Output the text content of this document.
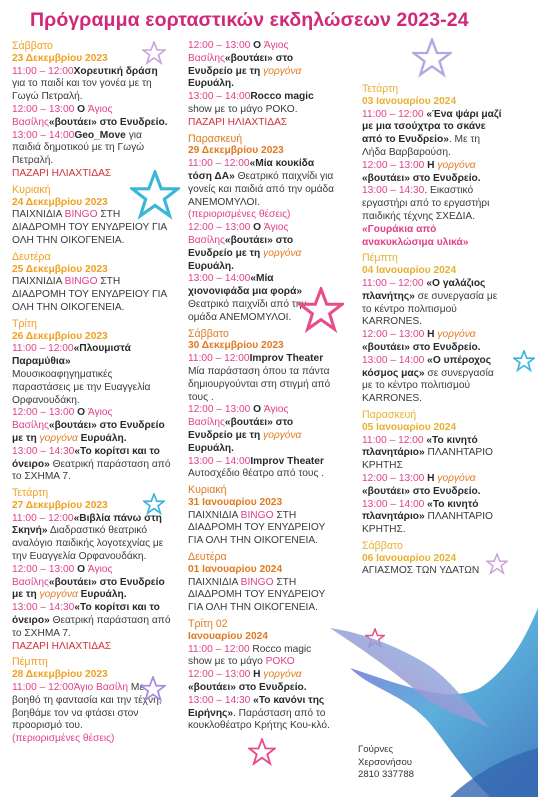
Πρόγραμμα εορταστικών εκδηλώσεων 2023-24
Σάββατο
23 Δεκεμβρίου 2023
11:00 – 12:00Χορευτική δράση για το παιδί και τον γονέα με τη Γωγώ Πετραλή.
12:00 – 13:00 Ο Άγιος Βασίλης«βουτάει» στο Ενυδρείο.
13:00 – 14:00Geo_Move για παιδιά δημοτικού με τη Γωγώ Πετραλή.
ΠΑΖΑΡΙ ΗΛΙΑΧΤΙΔΑΣ
Κυριακή
24 Δεκεμβρίου 2023
ΠΑΙΧΝΙΔΙΑ BINGO ΣΤΗ ΔΙΑΔΡΟΜΗ ΤΟΥ ΕΝΥΔΡΕΙΟΥ ΓΙΑ ΟΛΗ ΤΗΝ ΟΙΚΟΓΕΝΕΙΑ.
Δευτέρα
25 Δεκεμβρίου 2023
ΠΑΙΧΝΙΔΙΑ BINGO ΣΤΗ ΔΙΑΔΡΟΜΗ ΤΟΥ ΕΝΥΔΡΕΙΟΥ ΓΙΑ ΟΛΗ ΤΗΝ ΟΙΚΟΓΕΝΕΙΑ.
Τρίτη
26 Δεκεμβρίου 2023
11:00 – 12:00«Πλουμιστά Παραμύθια» Μουσικοαφηγηματικές παραστάσεις με την Ευαγγελία Ορφανουδάκη.
12:00 – 13:00 Ο Άγιος Βασίλης«βουτάει» στο Ενυδρείο με τη γοργόνα Ευρυάλη.
13:00 – 14:30«Το κορίτσι και το όνειρο» Θεατρική παράσταση από το ΣΧΗΜΑ 7.
Τετάρτη
27 Δεκεμβρίου 2023
11:00 – 12:00«Βιβλία πάνω στη Σκηνή» Διαδραστικό θεατρικό αναλόγιο παιδικής λογοτεχνίας με την Ευαγγελία Ορφανουδάκη.
12:00 – 13:00 Ο Άγιος Βασίλης«βουτάει» στο Ενυδρείο με τη γοργόνα Ευρυάλη.
13:00 – 14:30«Το κορίτσι και το όνειρο» Θεατρική παράσταση από το ΣΧΗΜΑ 7.
ΠΑΖΑΡΙ ΗΛΙΑΧΤΙΔΑΣ
Πέμπτη
28 Δεκεμβρίου 2023
11:00 – 12:00Άγιο Βασίλη Με βοηθό τη φαντασία και την τέχνη, βοηθάμε τον να φτάσει στον προορισμό του.
(περιορισμένες θέσεις)
12:00 – 13:00 Ο Άγιος Βασίλης«βουτάει» στο Ενυδρείο με τη γοργόνα Ευρυάλη.
13:00 – 14:00Rocco magic show με το μάγο ΡΟΚΟ.
ΠΑΖΑΡΙ ΗΛΙΑΧΤΙΔΑΣ
Παρασκευή
29 Δεκεμβρίου 2023
11:00 – 12:00«Μία κουκίδα τόση ΔΑ» Θεατρικό παιχνίδι για γονείς και παιδιά από την ομάδα ΑΝΕΜΟΜΥΛΟΙ.
(περιορισμένες θέσεις)
12:00 – 13:00 Ο Άγιος Βασίλης«βουτάει» στο Ενυδρείο με τη γοργόνα Ευρυάλη.
13:00 – 14:00«Μία χιονονιφάδα μια φορά» Θεατρικό παιχνίδι από την ομάδα ΑΝΕΜΟΜΥΛΟΙ.
Σάββατο
30 Δεκεμβρίου 2023
11:00 – 12:00Improv Theater Μία παράσταση όπου τα πάντα δημιουργούνται στη στιγμή από τους .
12:00 – 13:00 Ο Άγιος Βασίλης«βουτάει» στο Ενυδρείο με τη γοργόνα Ευρυάλη.
13:00 – 14:00Improv Theater Αυτοσχέδιο θέατρο από τους .
Κυριακή
31 Ιανουαρίου 2023
ΠΑΙΧΝΙΔΙΑ BINGO ΣΤΗ ΔΙΑΔΡΟΜΗ ΤΟΥ ΕΝΥΔΡΕΙΟΥ ΓΙΑ ΟΛΗ ΤΗΝ ΟΙΚΟΓΕΝΕΙΑ.
Δευτέρα
01 Ιανουαρίου 2024
ΠΑΙΧΝΙΔΙΑ BINGO ΣΤΗ ΔΙΑΔΡΟΜΗ ΤΟΥ ΕΝΥΔΡΕΙΟΥ ΓΙΑ ΟΛΗ ΤΗΝ ΟΙΚΟΓΕΝΕΙΑ.
Τρίτη 02
Ιανουαρίου 2024
11:00 – 12:00 Rocco magic show με το μάγο ΡΟΚΟ
12:00 – 13:00 Η γοργόνα «βουτάει» στο Ενυδρείο.
13:00 – 14:30 «Το κανόνι της Ειρήνης». Παράσταση από το κουκλοθέατρο Κρήτης Κου-κλό.
Τετάρτη
03 Ιανουαρίου 2024
11:00 – 12:00 «Ένα ψάρι μαζί με μια τσούχτρα το σκάνε από το Ενυδρείο». Με τη Λήδα Βαρβαρούση.
12:00 – 13:00 Η γοργόνα «βουτάει» στο Ενυδρείο.
13:00 – 14:30. Εικαστικό εργαστήρι από το εργαστήρι παιδικής τέχνης ΣΧΕΔΙΑ. «Γουράκια από ανακυκλώσιμα υλικά»
Πέμπτη
04 Ιανουαρίου 2024
11:00 – 12:00 «Ο γαλάζιος πλανήτης» σε συνεργασία με το κέντρο πολιτισμού KARRONES.
12:00 – 13:00 Η γοργόνα «βουτάει» στο Ενυδρείο.
13:00 – 14:00 «Ο υπέροχος κόσμος μας» σε συνεργασία με το κέντρο πολιτισμού KARRONES.
Παρασκευή
05 Ιανουαρίου 2024
11:00 – 12:00 «Το κινητό πλανητάριο» ΠΛΑΝΗΤΑΡΙΟ ΚΡΗΤΗΣ
12:00 – 13:00 Η γοργόνα «βουτάει» στο Ενυδρείο.
13:00 – 14:00 «Το κινητό πλανητάριο» ΠΛΑΝΗΤΑΡΙΟ ΚΡΗΤΗΣ.
Σάββατο
06 Ιανουαρίου 2024
ΑΓΙΑΣΜΟΣ ΤΩΝ ΥΔΑΤΩΝ
Γούρνες
Χερσονήσου
2810 337788
